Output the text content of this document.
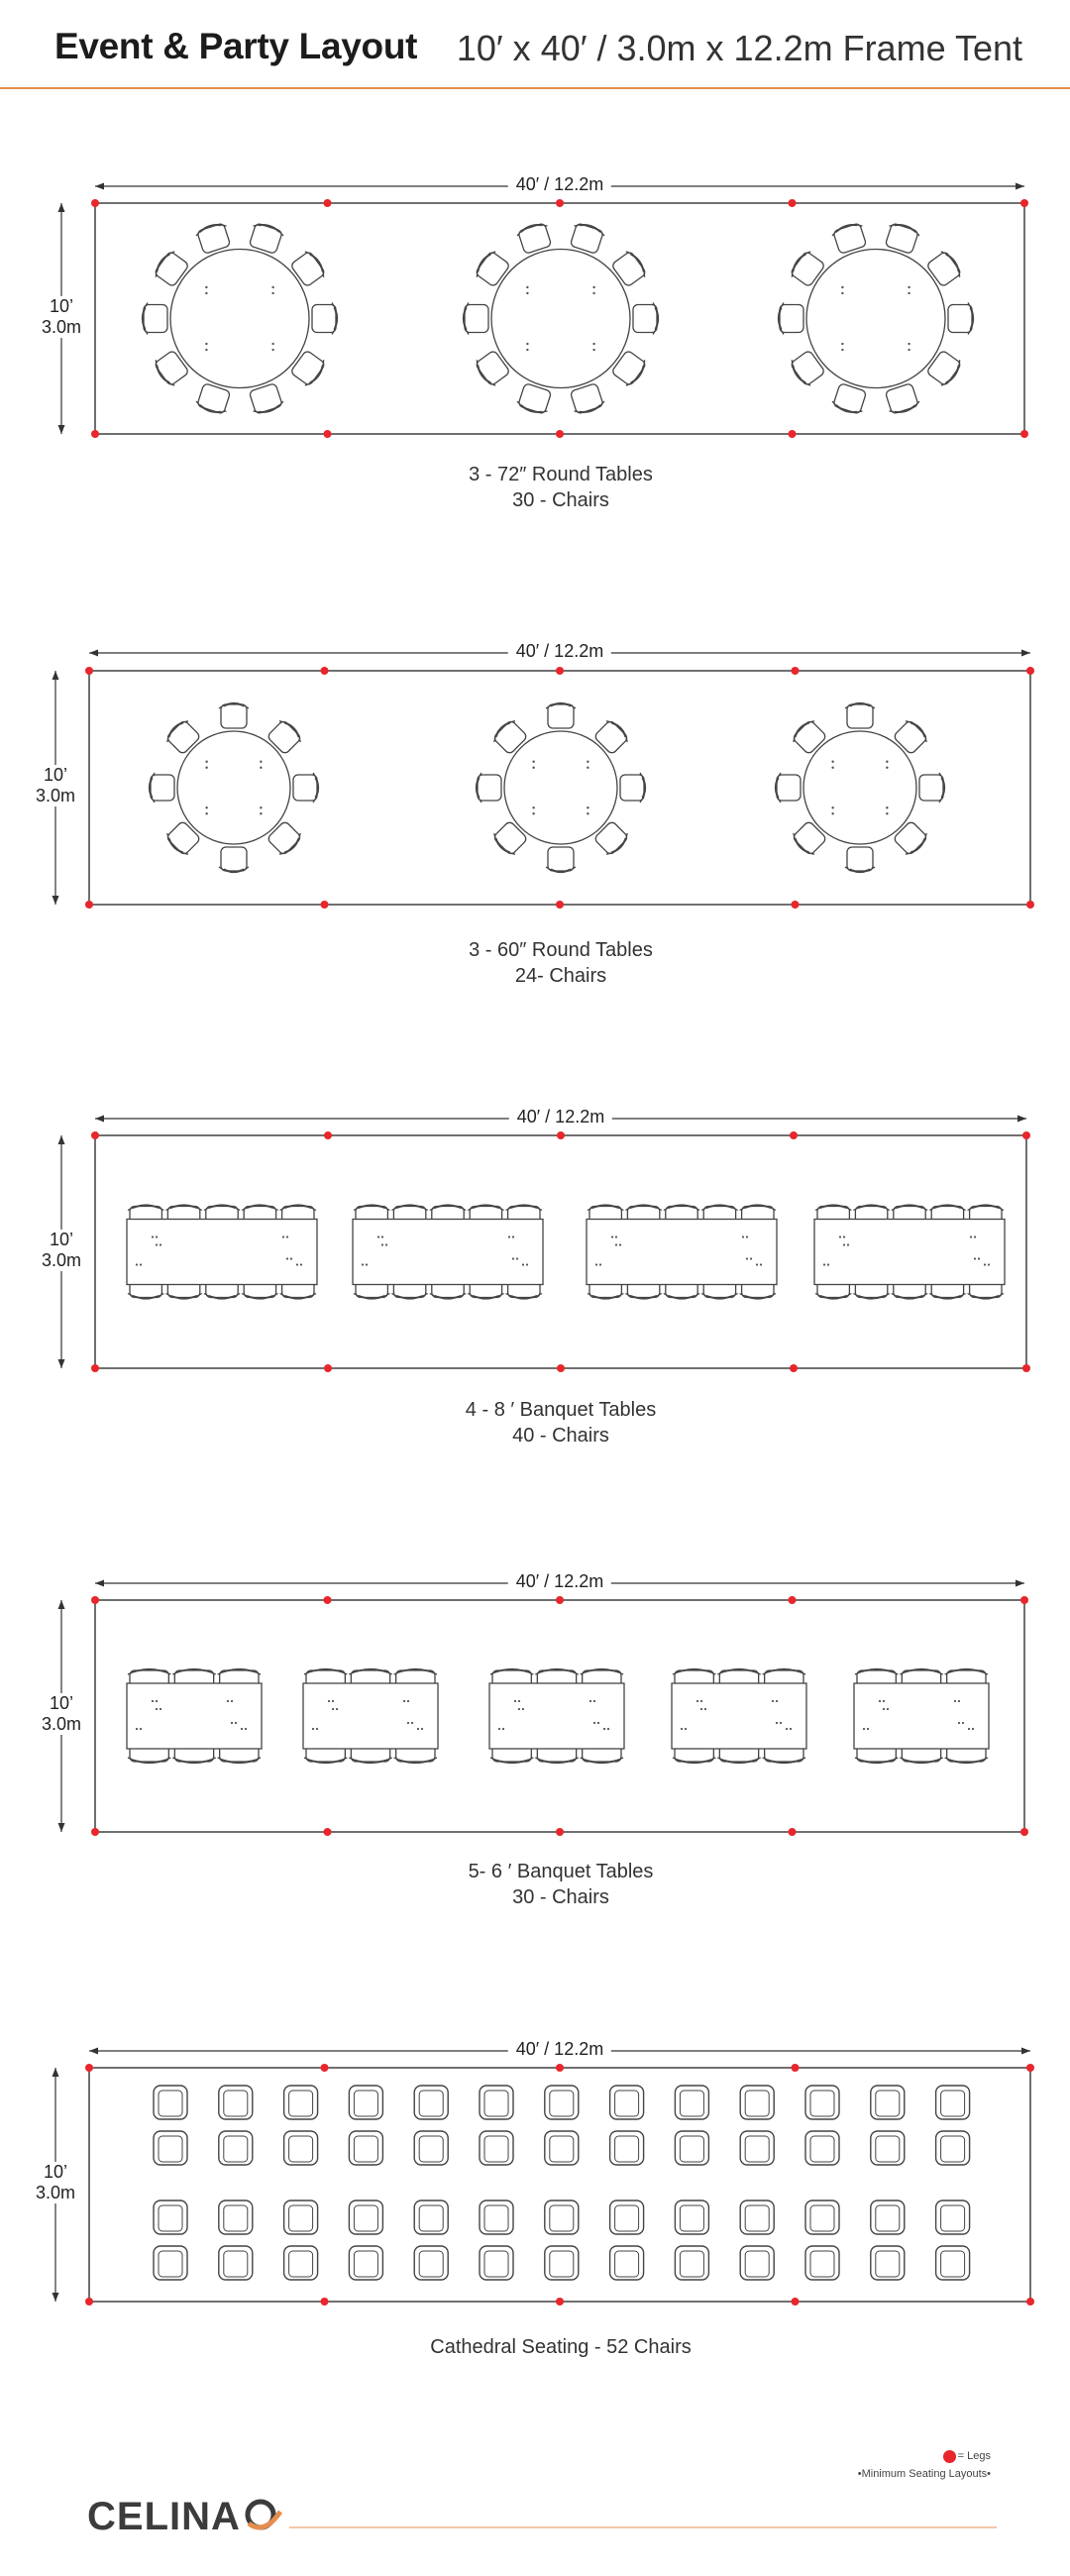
Event & Party Layout 10′ x 40′ / 3.0m x 12.2m Frame Tent
40′ / 12.2m
10’
3.0m
3 - 72″ Round Tables
30 - Chairs
40′ / 12.2m
10’
3.0m
3 - 60″ Round Tables
24- Chairs
40′ / 12.2m
10’
3.0m
4 - 8 ′ Banquet Tables
40 - Chairs
40′ / 12.2m
10’
3.0m
5- 6 ′ Banquet Tables
30 - Chairs
40′ / 12.2m
10’
3.0m
Cathedral Seating - 52 Chairs
= Legs
•Minimum Seating Layouts•
CELINA
